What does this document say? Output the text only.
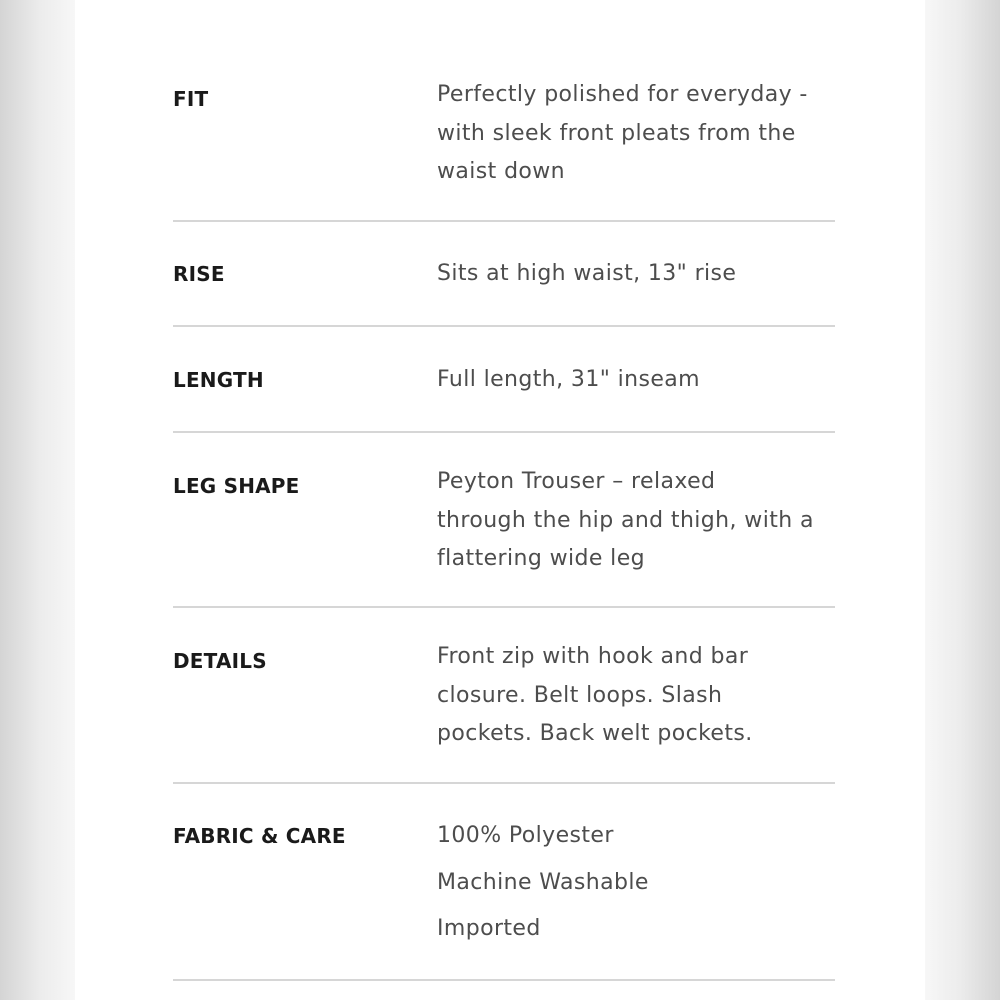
FIT	Perfectly polished for everyday -
with sleek front pleats from the
waist down
RISE	Sits at high waist, 13" rise
LENGTH	Full length, 31" inseam
LEG SHAPE	Peyton Trouser – relaxed
through the hip and thigh, with a
flattering wide leg
DETAILS	Front zip with hook and bar
closure. Belt loops. Slash
pockets. Back welt pockets.
FABRIC & CARE	100% Polyester
Machine Washable
Imported
